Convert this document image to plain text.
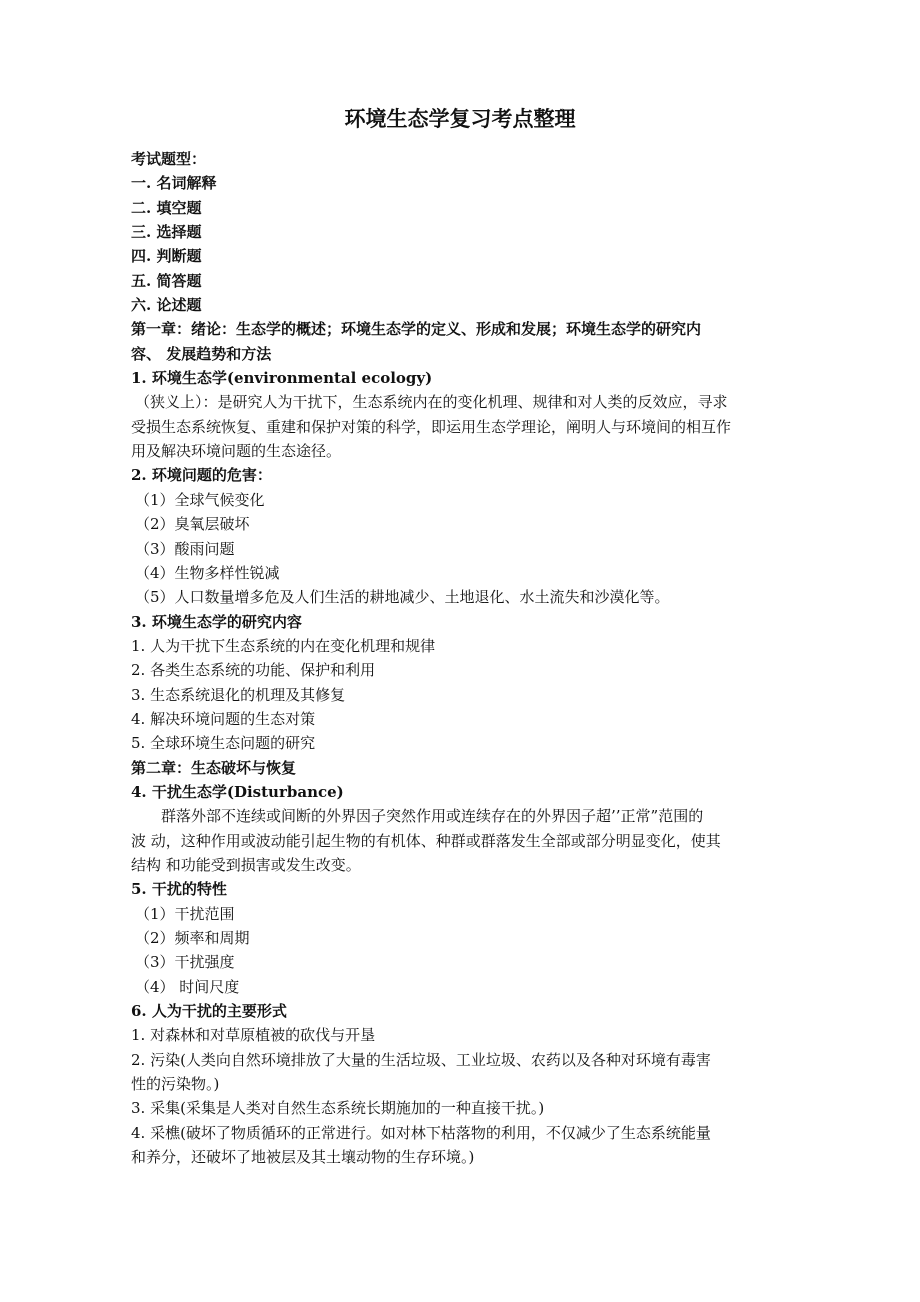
环境生态学复习考点整理
考试题型：
一. 名词解释
二. 填空题
三. 选择题
四. 判断题
五. 简答题
六. 论述题
第一章：绪论：生态学的概述；环境生态学的定义、形成和发展；环境生态学的研究内
容、 发展趋势和方法
1. 环境生态学(environmental ecology)
（狭义上）：是研究人为干扰下，生态系统内在的变化机理、规律和对人类的反效应，寻求
受损生态系统恢复、重建和保护对策的科学，即运用生态学理论，阐明人与环境间的相互作
用及解决环境问题的生态途径。
2. 环境问题的危害：
（1）全球气候变化
（2）臭氧层破坏
（3）酸雨问题
（4）生物多样性锐减
（5）人口数量增多危及人们生活的耕地减少、土地退化、水土流失和沙漠化等。
3. 环境生态学的研究内容
1. 人为干扰下生态系统的内在变化机理和规律
2. 各类生态系统的功能、保护和利用
3. 生态系统退化的机理及其修复
4. 解决环境问题的生态对策
5. 全球环境生态问题的研究
第二章：生态破坏与恢复
4. 干扰生态学(Disturbance)
群落外部不连续或间断的外界因子突然作用或连续存在的外界因子超’’正常”范围的
波 动，这种作用或波动能引起生物的有机体、种群或群落发生全部或部分明显变化，使其
结构 和功能受到损害或发生改变。
5. 干扰的特性
（1）干扰范围
（2）频率和周期
（3）干扰强度
（4） 时间尺度
6. 人为干扰的主要形式
1. 对森林和对草原植被的砍伐与开垦
2. 污染(人类向自然环境排放了大量的生活垃圾、工业垃圾、农药以及各种对环境有毒害
性的污染物。)
3. 采集(采集是人类对自然生态系统长期施加的一种直接干扰。)
4. 采樵(破坏了物质循环的正常进行。如对林下枯落物的利用，不仅减少了生态系统能量
和养分，还破坏了地被层及其土壤动物的生存环境。)
